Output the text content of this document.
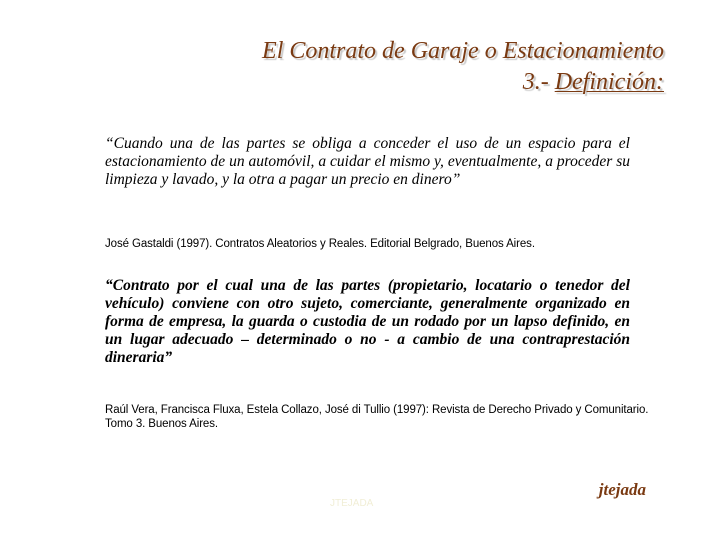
El Contrato de Garaje o Estacionamiento
3.- Definición:
“Cuando una de las partes se obliga a conceder el uso de un espacio para el estacionamiento de un automóvil, a cuidar el mismo y, eventualmente, a proceder su limpieza y lavado, y la otra a pagar un precio en dinero”
José Gastaldi (1997). Contratos Aleatorios y Reales. Editorial Belgrado, Buenos Aires.
“Contrato por el cual una de las partes (propietario, locatario o tenedor del vehículo) conviene con otro sujeto, comerciante, generalmente organizado en forma de empresa, la guarda o custodia de un rodado por un lapso definido, en un lugar adecuado – determinado o no - a cambio de una contraprestación dineraria”
Raúl Vera, Francisca Fluxa, Estela Collazo, José di Tullio (1997): Revista de Derecho Privado y Comunitario. Tomo 3. Buenos Aires.
JTEJADA
jtejada
